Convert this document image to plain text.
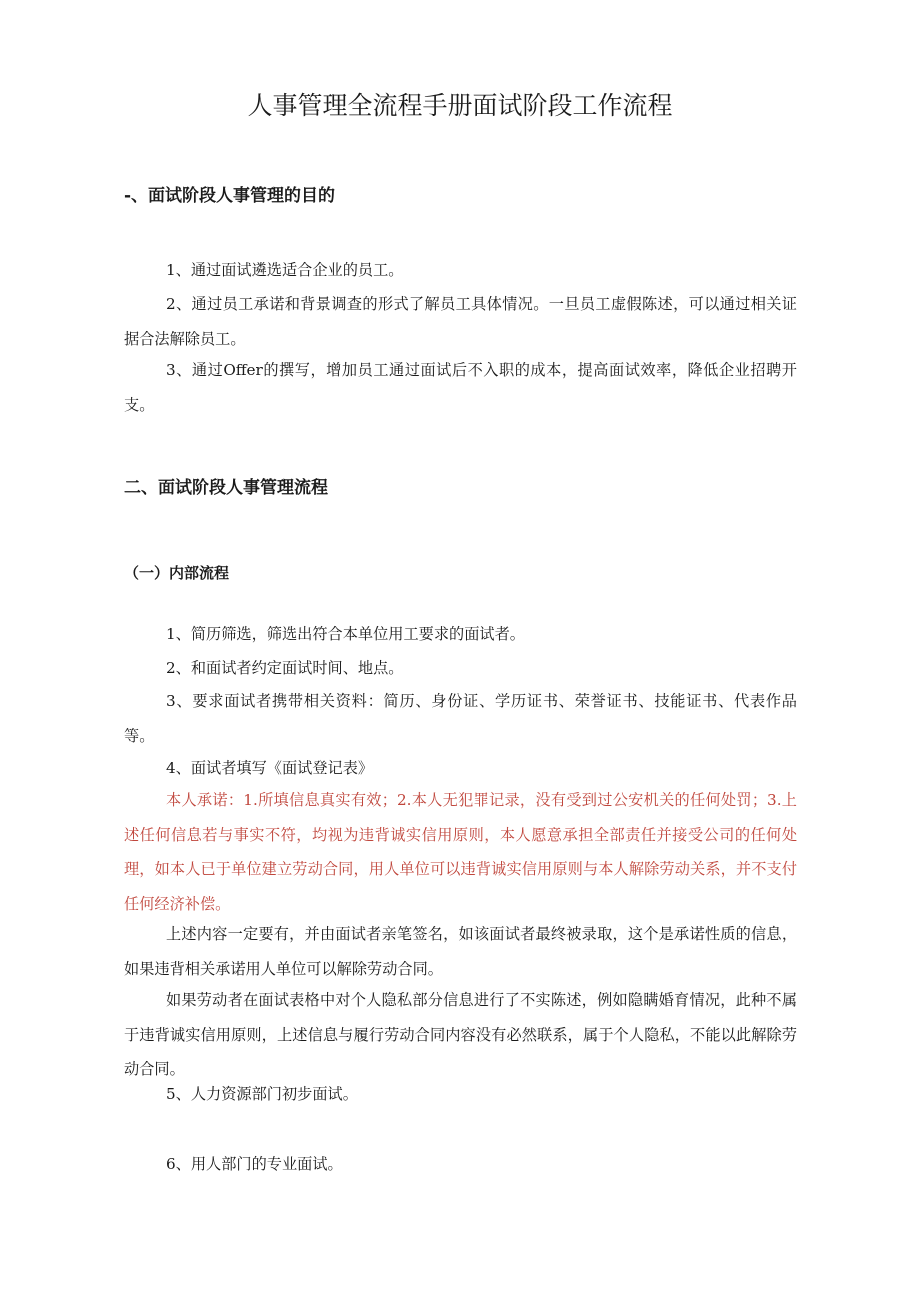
人事管理全流程手册面试阶段工作流程
-、面试阶段人事管理的目的

1、通过面试遴选适合企业的员工。

2、通过员工承诺和背景调查的形式了解员工具体情况。一旦员工虚假陈述，可以通过相关证据合法解除员工。

3、通过Offer的撰写，增加员工通过面试后不入职的成本，提高面试效率，降低企业招聘开支。

二、面试阶段人事管理流程
（一）内部流程

1、简历筛选，筛选出符合本单位用工要求的面试者。

2、和面试者约定面试时间、地点。

3、要求面试者携带相关资料：简历、身份证、学历证书、荣誉证书、技能证书、代表作品等。

4、面试者填写《面试登记表》

本人承诺：1.所填信息真实有效；2.本人无犯罪记录，没有受到过公安机关的任何处罚；3.上述任何信息若与事实不符，均视为违背诚实信用原则，本人愿意承担全部责任并接受公司的任何处理，如本人已于单位建立劳动合同，用人单位可以违背诚实信用原则与本人解除劳动关系，并不支付任何经济补偿。

上述内容一定要有，并由面试者亲笔签名，如该面试者最终被录取，这个是承诺性质的信息，如果违背相关承诺用人单位可以解除劳动合同。

如果劳动者在面试表格中对个人隐私部分信息进行了不实陈述，例如隐瞒婚育情况，此种不属于违背诚实信用原则，上述信息与履行劳动合同内容没有必然联系，属于个人隐私，不能以此解除劳动合同。

5、人力资源部门初步面试。

6、用人部门的专业面试。
